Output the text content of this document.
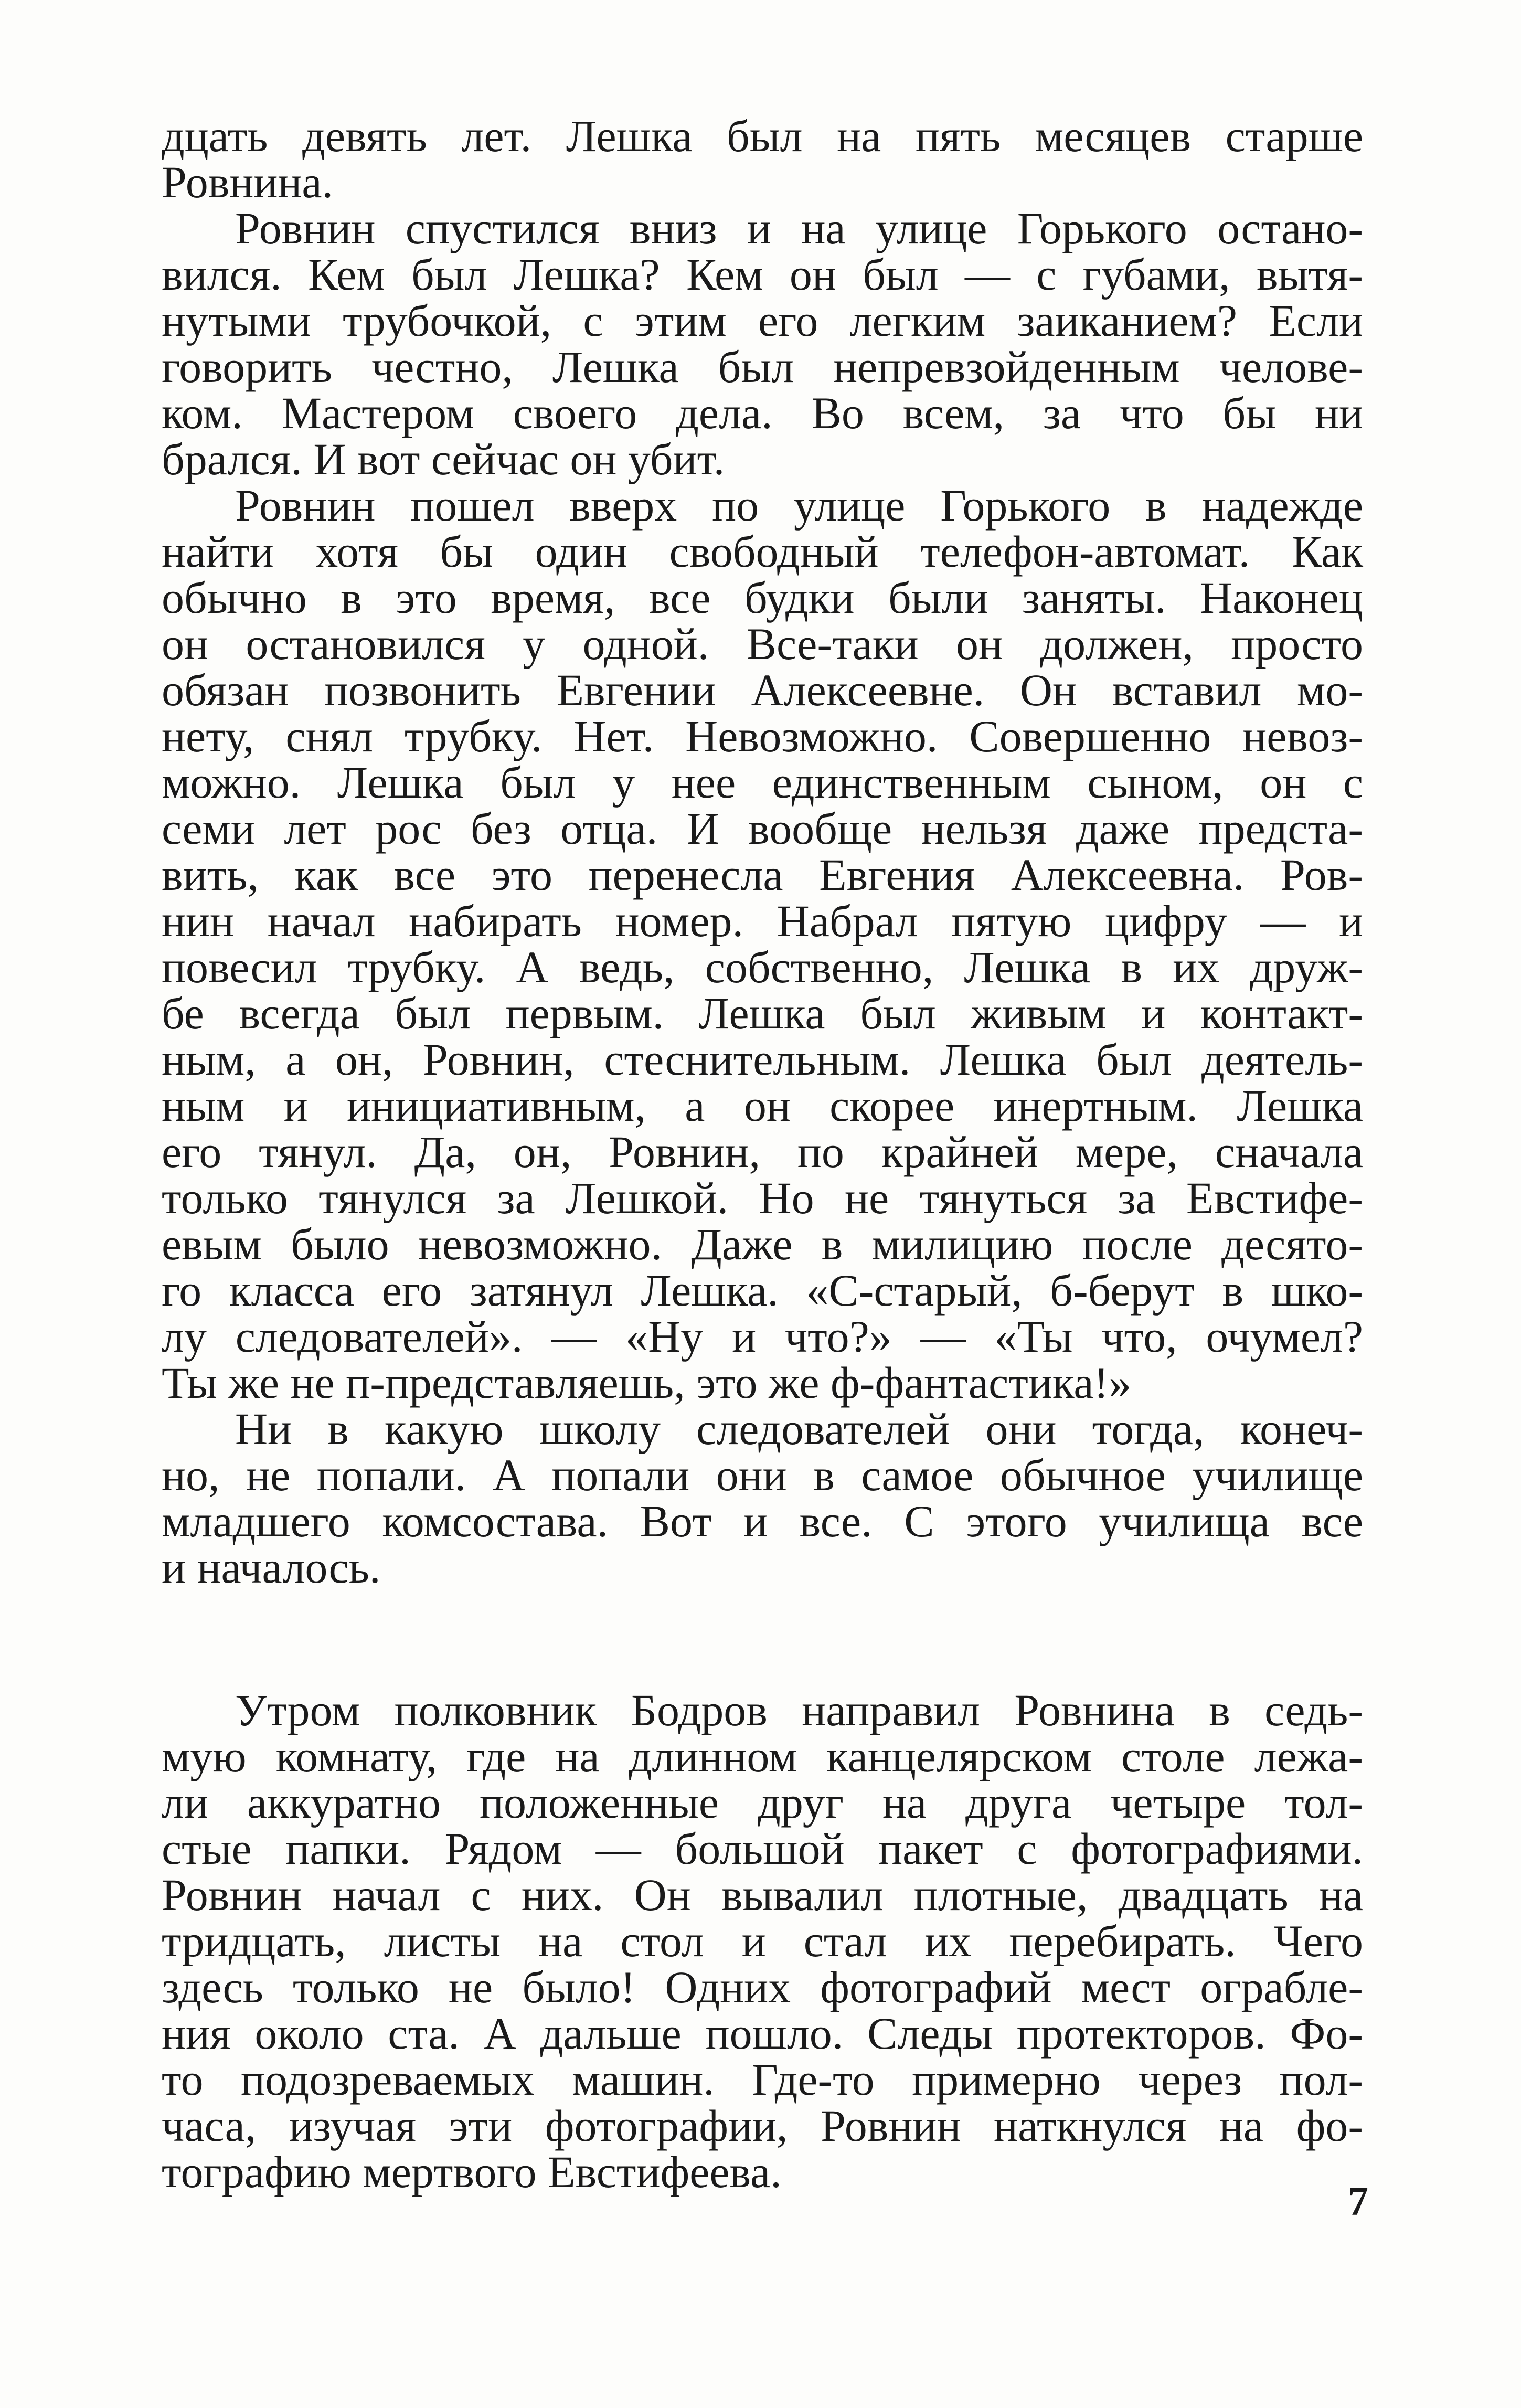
дцать девять лет. Лешка был на пять месяцев старше
Ровнина.
Ровнин спустился вниз и на улице Горького остано-
вился. Кем был Лешка? Кем он был — с губами, вытя-
нутыми трубочкой, с этим его легким заиканием? Если
говорить честно, Лешка был непревзойденным челове-
ком. Мастером своего дела. Во всем, за что бы ни
брался. И вот сейчас он убит.
Ровнин пошел вверх по улице Горького в надежде
найти хотя бы один свободный телефон-автомат. Как
обычно в это время, все будки были заняты. Наконец
он остановился у одной. Все-таки он должен, просто
обязан позвонить Евгении Алексеевне. Он вставил мо-
нету, снял трубку. Нет. Невозможно. Совершенно невоз-
можно. Лешка был у нее единственным сыном, он с
семи лет рос без отца. И вообще нельзя даже предста-
вить, как все это перенесла Евгения Алексеевна. Ров-
нин начал набирать номер. Набрал пятую цифру — и
повесил трубку. А ведь, собственно, Лешка в их друж-
бе всегда был первым. Лешка был живым и контакт-
ным, а он, Ровнин, стеснительным. Лешка был деятель-
ным и инициативным, а он скорее инертным. Лешка
его тянул. Да, он, Ровнин, по крайней мере, сначала
только тянулся за Лешкой. Но не тянуться за Евстифе-
евым было невозможно. Даже в милицию после десято-
го класса его затянул Лешка. «С-старый, б-берут в шко-
лу следователей». — «Ну и что?» — «Ты что, очумел?
Ты же не п-представляешь, это же ф-фантастика!»
Ни в какую школу следователей они тогда, конеч-
но, не попали. А попали они в самое обычное училище
младшего комсостава. Вот и все. С этого училища все
и началось.
Утром полковник Бодров направил Ровнина в седь-
мую комнату, где на длинном канцелярском столе лежа-
ли аккуратно положенные друг на друга четыре тол-
стые папки. Рядом — большой пакет с фотографиями.
Ровнин начал с них. Он вывалил плотные, двадцать на
тридцать, листы на стол и стал их перебирать. Чего
здесь только не было! Одних фотографий мест ограбле-
ния около ста. А дальше пошло. Следы протекторов. Фо-
то подозреваемых машин. Где-то примерно через пол-
часа, изучая эти фотографии, Ровнин наткнулся на фо-
тографию мертвого Евстифеева.
7
